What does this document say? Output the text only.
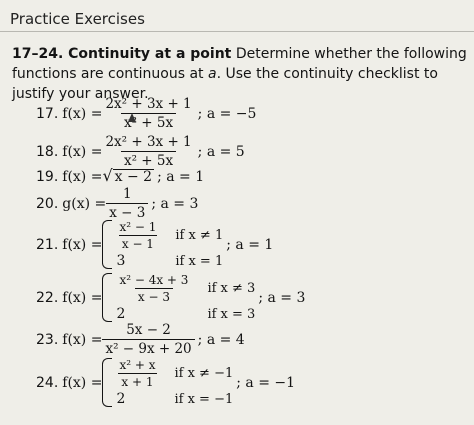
Practice Exercises
17–24. Continuity at a point Determine whether the following functions are continuous at a. Use the continuity checklist to justify your answer.
17. $f(x) = \frac{\text{2x² + 3x + 1}}{\text{x² + 5x}}$ ; a = −5
18. $f(x) = \frac{\text{2x² + 3x + 1}}{\text{x² + 5x}}$ ; a = 5
19. f(x) = √ x − 2 ; a = 1
20. $g(x) = \frac{1}{x - 3}$ ; a = 3
21. $f(x) = \frac{\text{x² − 1}}{x - 1}$ if x ≠ 1
3	if x = 1
; a = 1
22. $f(x) = \frac{\text{x² − 4x + 3}}{x - 3}$ if x ≠ 3
2	if x = 3
; a = 3
23. $f(x) = \frac{5x - 2}{\text{x² − 9x + 20}}$ ; a = 4
24. $f(x) = \frac{\text{x² + x}}{x + 1}$ if x ≠ −1
2	if x = −1
; a = −1
